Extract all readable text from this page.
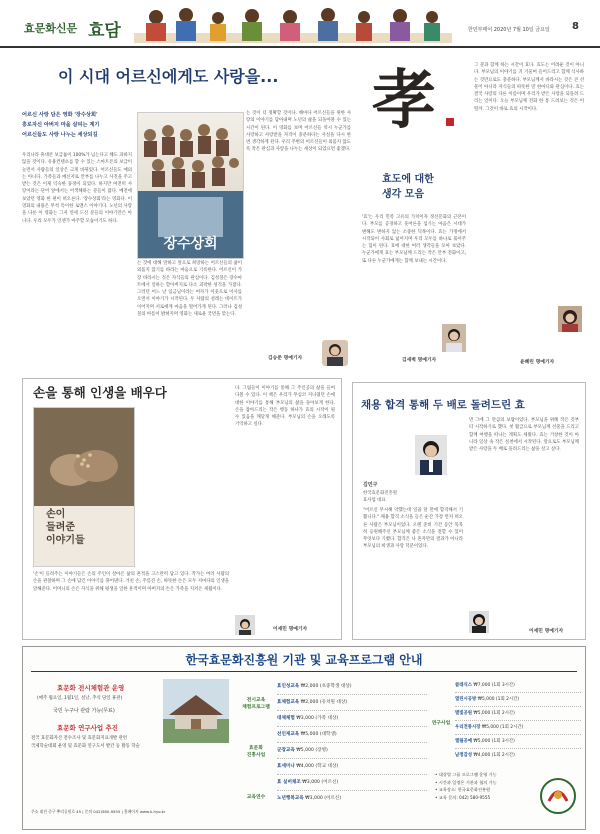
효문화신문 효담	한민부매어 2020년 7월 10일 금요일 8
이 시대 어르신에게도 사랑을...
어르신 사랑 담은 영화 '장수상회'
흥로자신 아버지 마을 살피는 계기
어르신들도 사랑 나누는 세상되길
우리나라 휴대폰 보급률이 100%가 넘는다고 해도 과하지 않을 것이다. 유용컨텐츠를 할 수 있는 스마트폰의 보급이 늘면서 사람들의 일상은 크게 바뀌었다. 어르신들도 예외는 아니다. 가족들과 메신저로 안부를 나누고 사진을 주고받는 것은 이제 익숙한 풍경이 되었다. 하지만 여전히 사랑이라는 단어 앞에서는 어색해하는 분들이 많다. 예전에 보았던 영화 한 편이 떠오른다. '장수상회'라는 영화다. 이 영화의 내용은 무척 특이한 로맨스 이야기다. 노년의 사랑을 다룬 이 영화는 그저 연세 드신 분들의 이야기만은 아니다. 우리 모두가 언젠가 마주할 모습이기도 하다.
장수상회
는 것에 대해 말하고 앞으로 희망하는 어르신들의 삶이 외롭지 않기를 바라는 마음으로 기록한다. 어르신이 가장 바라시는 것은 자식들의 관심이다. 김성칠은 장수마트에서 일하는 할아버지로 다소 괴팍한 성격을 가졌다. 그러던 어느 날 임금님이라는 여자가 이웃으로 이사를 오면서 이야기가 시작된다. 두 사람의 설레는 데이트가 이어지며 서로에게 마음을 열어가게 된다. 그러나 김성칠의 아픔이 밝혀지며 영화는 새로운 국면을 맞는다.
는 것이 더 정확할 것이다. 해마다 어르신들을 위한 사랑의 이야기를 담아내며 노년의 삶을 되돌아볼 수 있는 시간이 된다. 이 영화를 보며 어르신들 역시 누군가를 사랑하고 사랑받을 자격이 충분하다는 사실을 다시 한번 생각하게 된다. 우리 주변의 어르신들이 외롭지 않도록 작은 관심과 사랑을 나누는 세상이 되었으면 좋겠다.
김승준 명예기자
孝
효도에 대한
생각 모음
'효'는 우리 민족 고유의 가치이자 정신문화의 근본이다. 부모를 공경하고 웃어른을 섬기는 마음은 시대가 변해도 변하지 않는 소중한 덕목이다. 효는 가정에서 시작되어 사회로 넓어지며 우리 모두를 하나로 묶어주는 힘이 된다. 효에 대한 여러 생각들을 모아 보았다. 누군가에게 효는 부모님께 드리는 작은 안부 전화이고, 또 다른 누군가에게는 함께 보내는 시간이다.
그 분과 함께 하는 시간이 효다. 효도는 어려운 것이 아니다. 부모님의 이야기를 귀 기울여 들어드리고 함께 식사하는 것만으로도 충분하다. 부모님께서 바라시는 것은 큰 선물이 아니라 자식들의 따뜻한 말 한마디와 관심이다. 효는 결국 사랑의 다른 이름이며 우리가 받은 사랑을 되돌려 드리는 일이다. 오늘 부모님께 전화 한 통 드려보는 것은 어떨까. 그것이 바로 효의 시작이다.
김새벽 명예기자	윤혜린 명예기자
손을 통해 인생을 배우다
손이
들려준
이야기들
'손'이 들려주는 이야기들은 손의 주인이 살아온 삶의 흔적을 고스란히 담고 있다. 작가는 여러 사람의 손을 관찰하며 그 손에 담긴 이야기를 풀어낸다. 거친 손, 주름진 손, 따뜻한 손은 모두 저마다의 인생을 말해준다. 어머니의 손은 자식을 위해 평생을 일한 흔적이며 아버지의 손은 가족을 지켜온 세월이다.
다. 그림들이 이야기를 통해 그 주인공의 삶을 들여다볼 수 있다. 이 책은 우리가 무심코 지나쳤던 손에 대한 이야기를 통해 부모님의 삶을 돌아보게 한다. 손을 잡아드리는 작은 행동 하나가 효의 시작이 될 수 있음을 깨닫게 해준다. 부모님의 손을 오래도록 기억하고 싶다.
이세민 명예기자
채용 합격 통해 두 배로 돌려드린 효
김민구
한국효문화진흥원
효사업 대표
"어르신 무시해 약했는데 일곱 달 만에 합격해서 기쁩니다." 채용 합격 소식을 들은 순간 가장 먼저 떠오른 사람은 부모님이었다. 오랜 준비 기간 동안 묵묵히 응원해주신 부모님께 좋은 소식을 전할 수 있어 무엇보다 기뻤다. 합격은 나 혼자만의 결과가 아니라 부모님의 희생과 사랑 덕분이었다.
면 그에 그 만큼의 보람이었다. 부모님을 위해 작은 것부터 시작하기로 했다. 첫 월급으로 부모님께 선물을 드리고 함께 여행을 떠나는 계획도 세웠다. 효는 거창한 것이 아니라 일상 속 작은 실천에서 시작된다. 앞으로도 부모님께 받은 사랑을 두 배로 돌려드리는 삶을 살고 싶다.
이세민 명예기자
한국효문화진흥원 기관 및 교육프로그램 안내
효문화 전시체험관 운영
(매주 월요일, 1월1일, 설날, 추석 당일 휴관)
국민 누구나 관람 가능(무료)
효문화 연구사업 추진
전국 효문화자산 전수조사 및 효문화지표개발 관련
국제학술대회 운영 및 효문화 연구도서 발간 등 활동 학술
주소 대전 중구 뿌리공원로 45 | 문의 042)580-9555 | 홈페이지 www.k-hyo.kr
전시교육
체험프로그램
효문화
진흥사업
교육연수
효인성교육 ₩2,000 (초중학생 대상)
효체험교육 ₩2,000 (유치원 대상)
대체체험 ₩3,000 (가족 대상)
선인재교육 ₩5,000 (대학생)
군장교육 ₩5,000 (장병)
효세미나 ₩4,000 (학교 대상)
효 실버체조 ₩3,000 (어르신)
노년행복교육 ₩3,000 (어르신)
연구사업
클래식스 ₩7,000 (1회 3시간)
열린시공방 ₩5,000 (1회 2시간)
별빛공원 ₩5,000 (1회 2시간)
우리전통시장 ₩5,000 (1회 2시간)
엘림공예 ₩5,000 (1회 3시간)
남정감성 ₩4,000 (1회 2시간)
• 대상별 그룹 프로그램 운영 가능
• 시간과 일정은 기관과 협의 가능
• 교육장소: 한국효문화진흥원
• 교육 문의: 042) 580-9555
